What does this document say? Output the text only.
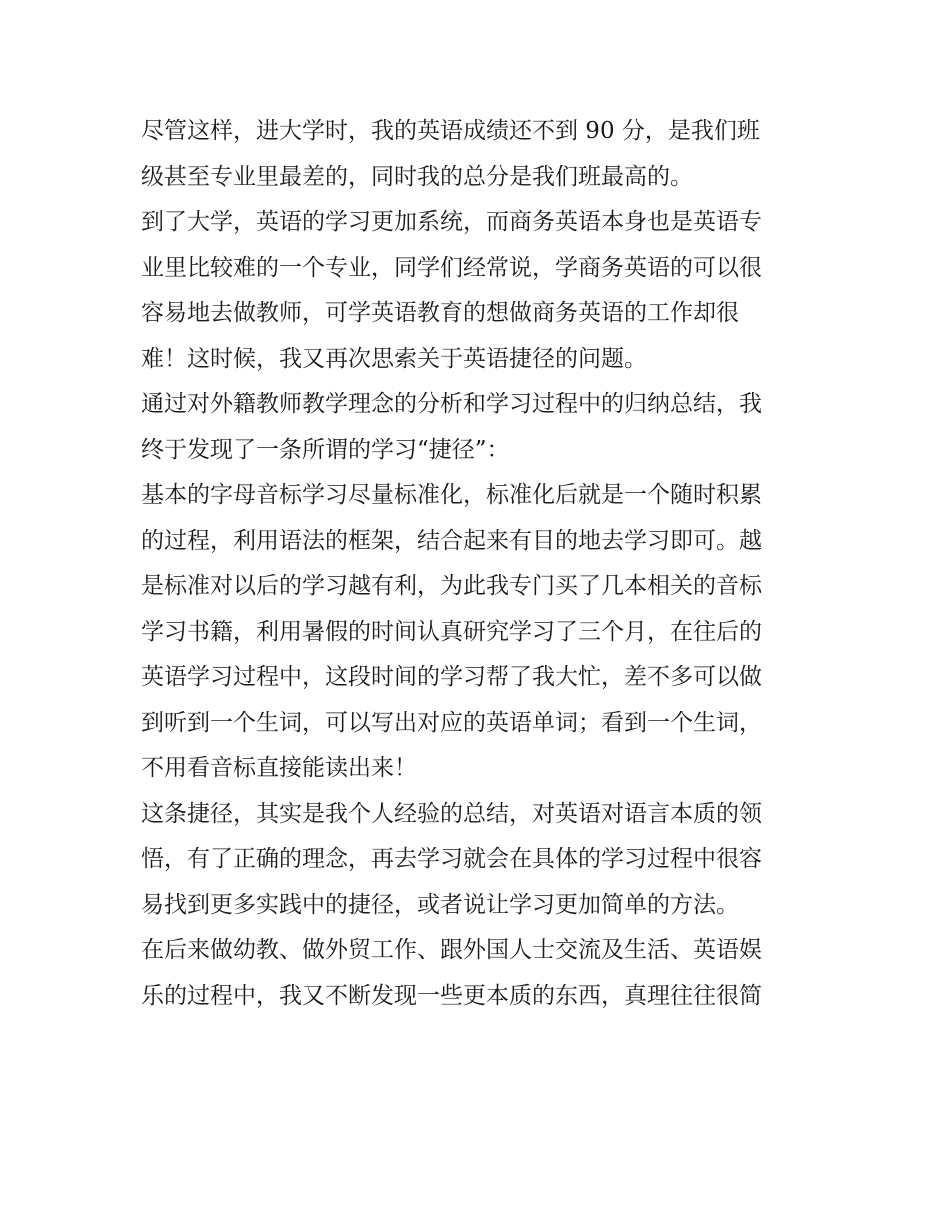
尽管这样，进大学时，我的英语成绩还不到 90 分，是我们班
级甚至专业里最差的，同时我的总分是我们班最高的。
到了大学，英语的学习更加系统，而商务英语本身也是英语专
业里比较难的一个专业，同学们经常说，学商务英语的可以很
容易地去做教师，可学英语教育的想做商务英语的工作却很
难！这时候，我又再次思索关于英语捷径的问题。
通过对外籍教师教学理念的分析和学习过程中的归纳总结，我
终于发现了一条所谓的学习“捷径”：
基本的字母音标学习尽量标准化，标准化后就是一个随时积累
的过程，利用语法的框架，结合起来有目的地去学习即可。越
是标准对以后的学习越有利，为此我专门买了几本相关的音标
学习书籍，利用暑假的时间认真研究学习了三个月，在往后的
英语学习过程中，这段时间的学习帮了我大忙，差不多可以做
到听到一个生词，可以写出对应的英语单词；看到一个生词，
不用看音标直接能读出来！
这条捷径，其实是我个人经验的总结，对英语对语言本质的领
悟，有了正确的理念，再去学习就会在具体的学习过程中很容
易找到更多实践中的捷径，或者说让学习更加简单的方法。
在后来做幼教、做外贸工作、跟外国人士交流及生活、英语娱
乐的过程中，我又不断发现一些更本质的东西，真理往往很简
